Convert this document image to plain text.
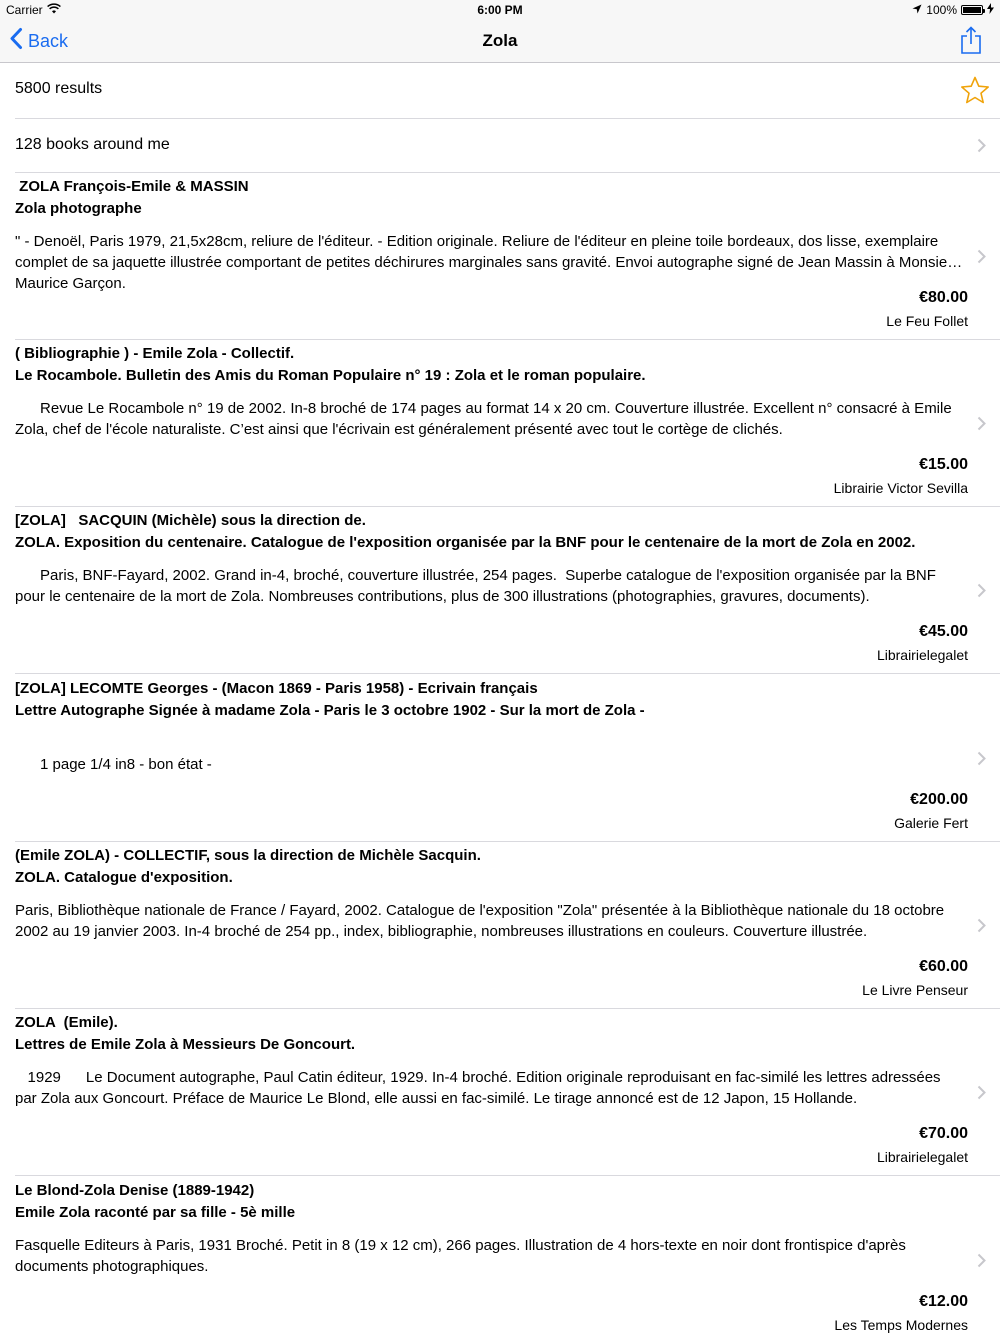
Carrier	6:00 PM	100%
Back	Zola
5800 results
128 books around me
ZOLA François-Emile & MASSIN
Zola photographe
" - Denoël, Paris 1979, 21,5x28cm, reliure de l'éditeur. - Edition originale. Reliure de l'éditeur en pleine toile bordeaux, dos lisse, exemplaire complet de sa jaquette illustrée comportant de petites déchirures marginales sans gravité. Envoi autographe signé de Jean Massin à Monsieur Maurice Garçon.
€80.00
Le Feu Follet
( Bibliographie ) - Emile Zola - Collectif.
Le Rocambole. Bulletin des Amis du Roman Populaire n° 19 : Zola et le roman populaire.
Revue Le Rocambole n° 19 de 2002. In-8 broché de 174 pages au format 14 x 20 cm. Couverture illustrée. Excellent n° consacré à Emile Zola, chef de l'école naturaliste. C’est ainsi que l'écrivain est généralement présenté avec tout le cortège de clichés.
€15.00
Librairie Victor Sevilla
[ZOLA]   SACQUIN (Michèle) sous la direction de.
ZOLA. Exposition du centenaire. Catalogue de l'exposition organisée par la BNF pour le centenaire de la mort de Zola en 2002.
Paris, BNF-Fayard, 2002. Grand in-4, broché, couverture illustrée, 254 pages.  Superbe catalogue de l'exposition organisée par la BNF pour le centenaire de la mort de Zola. Nombreuses contributions, plus de 300 illustrations (photographies, gravures, documents).
€45.00
Librairielegalet
[ZOLA] LECOMTE Georges - (Macon 1869 - Paris 1958) - Ecrivain français
Lettre Autographe Signée à madame Zola - Paris le 3 octobre 1902 - Sur la mort de Zola -

1 page 1/4 in8 - bon état -
€200.00
Galerie Fert
(Emile ZOLA) - COLLECTIF, sous la direction de Michèle Sacquin.
ZOLA. Catalogue d'exposition.
Paris, Bibliothèque nationale de France / Fayard, 2002. Catalogue de l'exposition "Zola" présentée à la Bibliothèque nationale du 18 octobre 2002 au 19 janvier 2003. In-4 broché de 254 pp., index, bibliographie, nombreuses illustrations en couleurs. Couverture illustrée.
€60.00
Le Livre Penseur
ZOLA  (Emile).
Lettres de Emile Zola à Messieurs De Goncourt.
1929      Le Document autographe, Paul Catin éditeur, 1929. In-4 broché. Edition originale reproduisant en fac-similé les lettres adressées par Zola aux Goncourt. Préface de Maurice Le Blond, elle aussi en fac-similé. Le tirage annoncé est de 12 Japon, 15 Hollande.
€70.00
Librairielegalet
Le Blond-Zola Denise (1889-1942)
Emile Zola raconté par sa fille - 5è mille
Fasquelle Editeurs à Paris, 1931 Broché. Petit in 8 (19 x 12 cm), 266 pages. Illustration de 4 hors-texte en noir dont frontispice d'après documents photographiques.
€12.00
Les Temps Modernes
